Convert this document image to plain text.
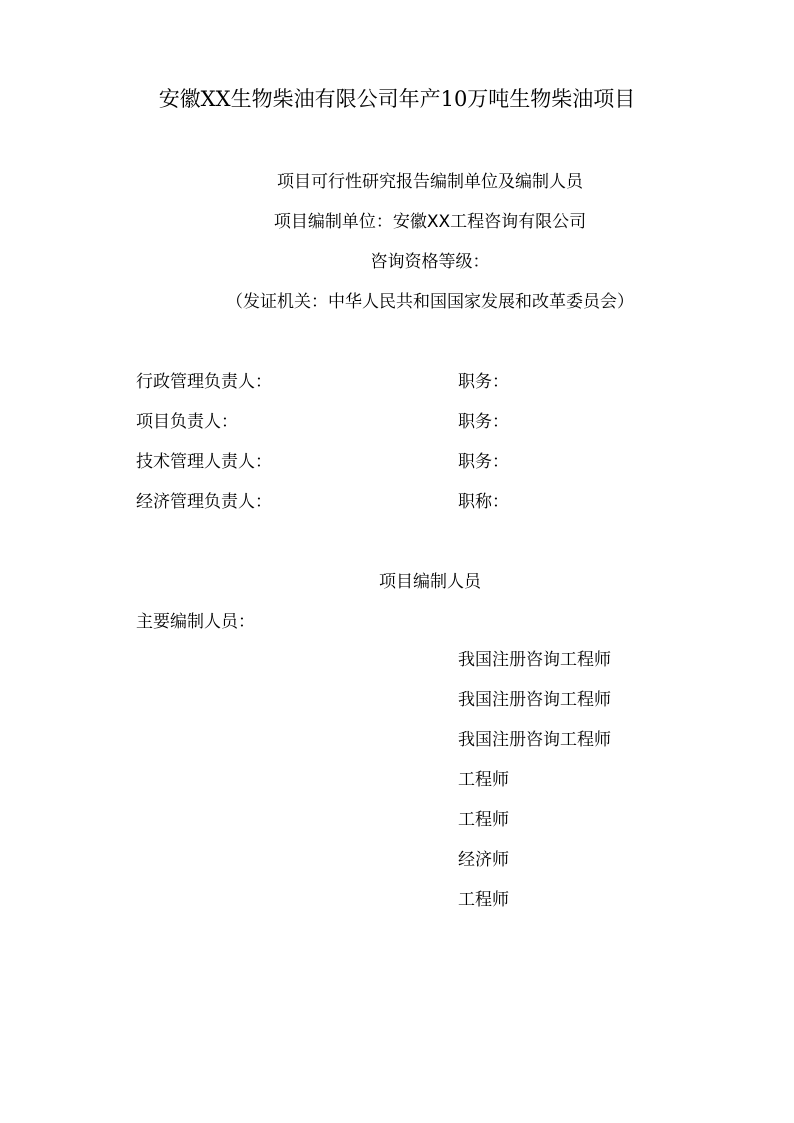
安徽XX生物柴油有限公司年产10万吨生物柴油项目
项目可行性研究报告编制单位及编制人员
项目编制单位：安徽XX工程咨询有限公司
咨询资格等级：
（发证机关：中华人民共和国国家发展和改革委员会）
行政管理负责人：	职务：
项目负责人：	职务：
技术管理人责人：	职务：
经济管理负责人：	职称：
项目编制人员
主要编制人员：
我国注册咨询工程师
我国注册咨询工程师
我国注册咨询工程师
工程师
工程师
经济师
工程师
